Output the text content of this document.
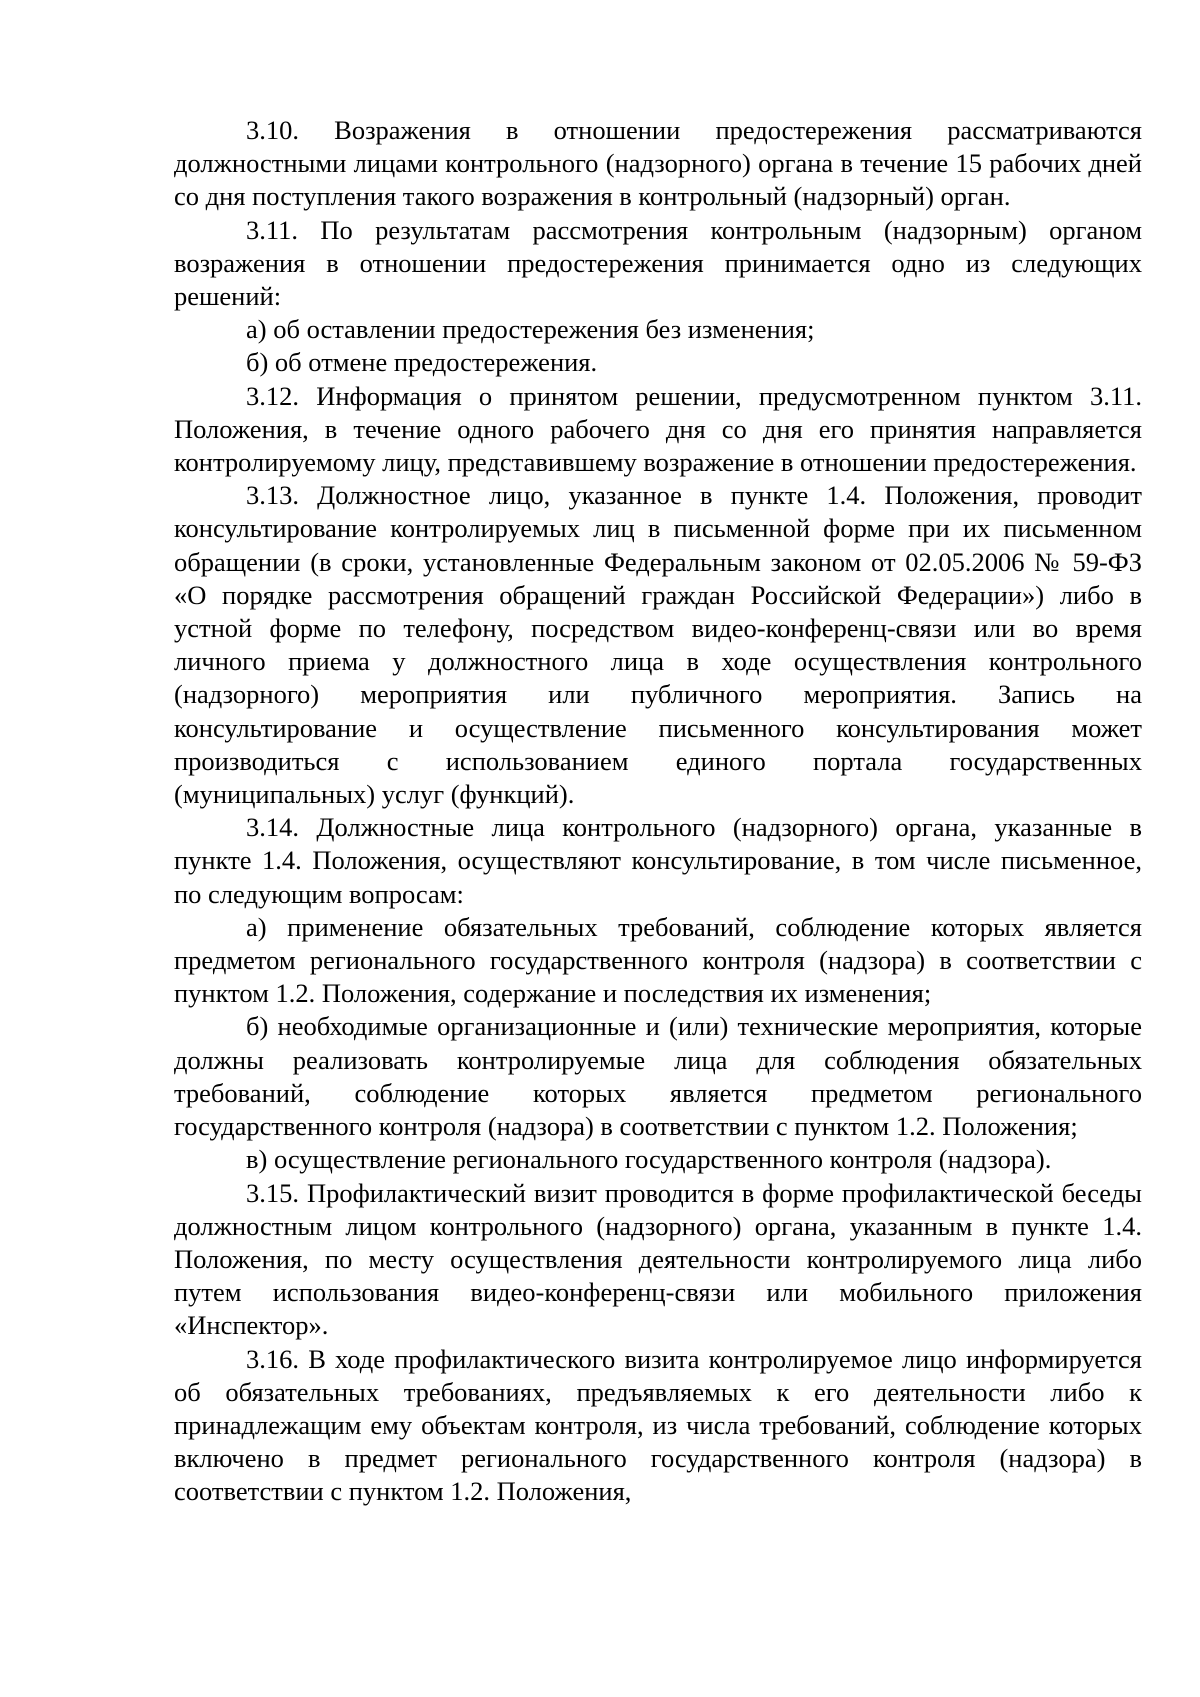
3.10. Возражения в отношении предостережения рассматриваются должностными лицами контрольного (надзорного) органа в течение 15 рабочих дней со дня поступления такого возражения в контрольный (надзорный) орган.

3.11. По результатам рассмотрения контрольным (надзорным) органом возражения в отношении предостережения принимается одно из следующих решений:

а) об оставлении предостережения без изменения;

б) об отмене предостережения.

3.12. Информация о принятом решении, предусмотренном пунктом 3.11. Положения, в течение одного рабочего дня со дня его принятия направляется контролируемому лицу, представившему возражение в отношении предостережения.

3.13. Должностное лицо, указанное в пункте 1.4. Положения, проводит консультирование контролируемых лиц в письменной форме при их письменном обращении (в сроки, установленные Федеральным законом от 02.05.2006 № 59-ФЗ «О порядке рассмотрения обращений граждан Российской Федерации») либо в устной форме по телефону, посредством видео-конференц-связи или во время личного приема у должностного лица в ходе осуществления контрольного (надзорного) мероприятия или публичного мероприятия. Запись на консультирование и осуществление письменного консультирования может производиться с использованием единого портала государственных (муниципальных) услуг (функций).

3.14. Должностные лица контрольного (надзорного) органа, указанные в пункте 1.4. Положения, осуществляют консультирование, в том числе письменное, по следующим вопросам:

а) применение обязательных требований, соблюдение которых является предметом регионального государственного контроля (надзора) в соответствии с пунктом 1.2. Положения, содержание и последствия их изменения;

б) необходимые организационные и (или) технические мероприятия, которые должны реализовать контролируемые лица для соблюдения обязательных требований, соблюдение которых является предметом регионального государственного контроля (надзора) в соответствии с пунктом 1.2. Положения;

в) осуществление регионального государственного контроля (надзора).

3.15. Профилактический визит проводится в форме профилактической беседы должностным лицом контрольного (надзорного) органа, указанным в пункте 1.4. Положения, по месту осуществления деятельности контролируемого лица либо путем использования видео-конференц-связи или мобильного приложения «Инспектор».

3.16. В ходе профилактического визита контролируемое лицо информируется об обязательных требованиях, предъявляемых к его деятельности либо к принадлежащим ему объектам контроля, из числа требований, соблюдение которых включено в предмет регионального государственного контроля (надзора) в соответствии с пунктом 1.2. Положения,
